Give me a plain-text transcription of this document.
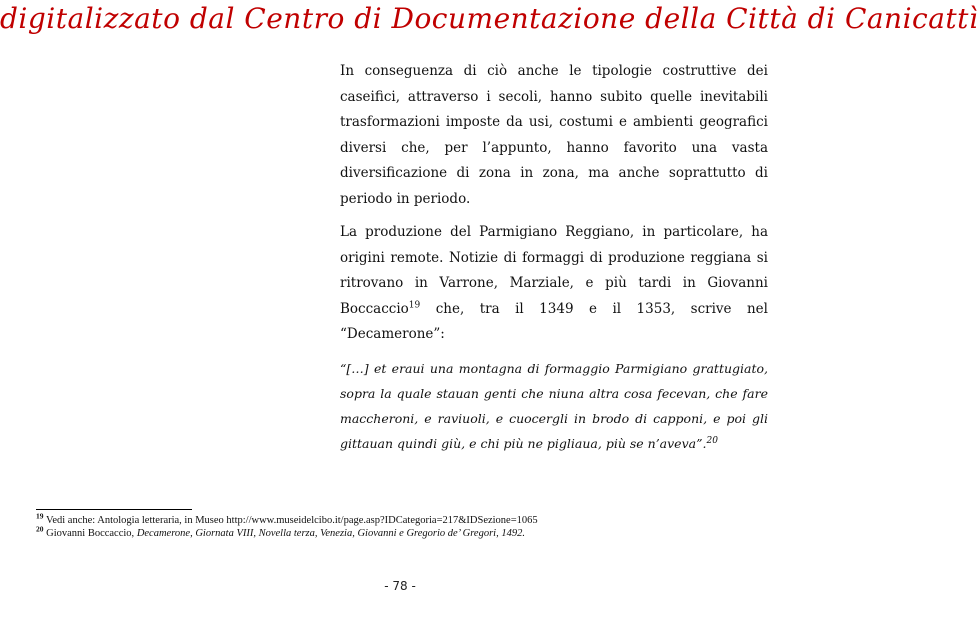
digitalizzato dal Centro di Documentazione della Città di Canicattì
In conseguenza di ciò anche le tipologie costruttive dei caseifici, attraverso i secoli, hanno subito quelle inevitabili trasformazioni imposte da usi, costumi e ambienti geografici diversi che, per l’appunto, hanno favorito una vasta diversificazione di zona in zona, ma anche soprattutto di periodo in periodo.
La produzione del Parmigiano Reggiano, in particolare, ha origini remote. Notizie di formaggi di produzione reggiana si ritrovano in Varrone, Marziale, e più tardi in Giovanni Boccaccio$^{19}$ che, tra il 1349 e il 1353, scrive nel “Decamerone”:
“[…] et eraui una montagna di formaggio Parmigiano grattugiato, sopra la quale stauan genti che niuna altra cosa fecevan, che fare maccheroni, e raviuoli, e cuocergli in brodo di capponi, e poi gli gittauan quindi giù, e chi più ne pigliaua, più se n’aveva”.$^{20}$
$^{19}$ Vedi anche: Antologia letteraria, in Museo http://www.museidelcibo.it/page.asp?IDCategoria=217&IDSezione=1065
$^{20}$ Giovanni Boccaccio, Decamerone, Giornata VIII, Novella terza, Venezia, Giovanni e Gregorio de’ Gregori, 1492.
- 78 -
